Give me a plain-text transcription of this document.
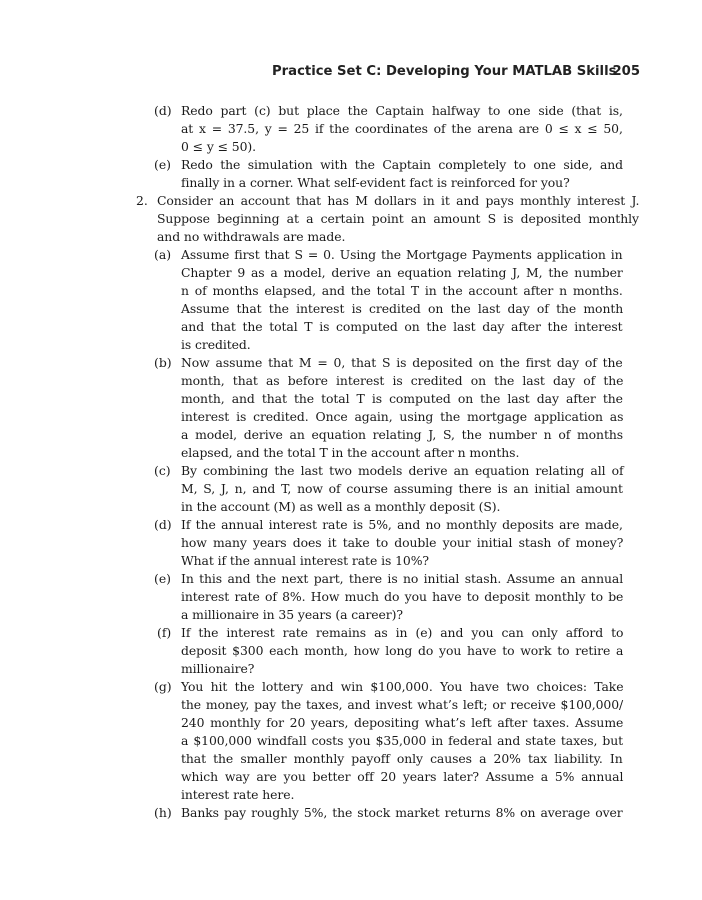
Practice Set C: Developing Your MATLAB Skills
205
(d) Redo part (c) but place the Captain halfway to one side (that is,
at x = 37.5, y = 25 if the coordinates of the arena are 0 ≤ x ≤ 50,
0 ≤ y ≤ 50).
(e) Redo the simulation with the Captain completely to one side, and
finally in a corner. What self-evident fact is reinforced for you?
2. Consider an account that has M dollars in it and pays monthly interest J.
Suppose beginning at a certain point an amount S is deposited monthly
and no withdrawals are made.
(a) Assume first that S = 0. Using the Mortgage Payments application in
Chapter 9 as a model, derive an equation relating J, M, the number
n of months elapsed, and the total T in the account after n months.
Assume that the interest is credited on the last day of the month
and that the total T is computed on the last day after the interest
is credited.
(b) Now assume that M = 0, that S is deposited on the first day of the
month, that as before interest is credited on the last day of the
month, and that the total T is computed on the last day after the
interest is credited. Once again, using the mortgage application as
a model, derive an equation relating J, S, the number n of months
elapsed, and the total T in the account after n months.
(c) By combining the last two models derive an equation relating all of
M, S, J, n, and T, now of course assuming there is an initial amount
in the account (M) as well as a monthly deposit (S).
(d) If the annual interest rate is 5%, and no monthly deposits are made,
how many years does it take to double your initial stash of money?
What if the annual interest rate is 10%?
(e) In this and the next part, there is no initial stash. Assume an annual
interest rate of 8%. How much do you have to deposit monthly to be
a millionaire in 35 years (a career)?
(f) If the interest rate remains as in (e) and you can only afford to
deposit $300 each month, how long do you have to work to retire a
millionaire?
(g) You hit the lottery and win $100,000. You have two choices: Take
the money, pay the taxes, and invest what’s left; or receive $100,000/
240 monthly for 20 years, depositing what’s left after taxes. Assume
a $100,000 windfall costs you $35,000 in federal and state taxes, but
that the smaller monthly payoff only causes a 20% tax liability. In
which way are you better off 20 years later? Assume a 5% annual
interest rate here.
(h) Banks pay roughly 5%, the stock market returns 8% on average over
